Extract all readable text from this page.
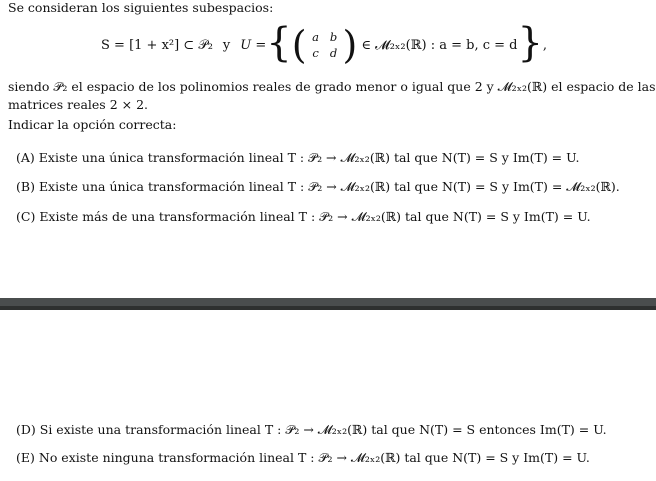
Se consideran los siguientes subespacios:
S = [1 + x²] ⊂ 𝒫₂ y U = { ( a b
c d ) ∈ 𝓜₂ₓ₂(ℝ) : a = b, c = d } ,
siendo 𝒫₂ el espacio de los polinomios reales de grado menor o igual que 2 y 𝓜₂ₓ₂(ℝ) el espacio de las
matrices reales 2 × 2.
Indicar la opción correcta:
(A) Existe una única transformación lineal T : 𝒫₂ → 𝓜₂ₓ₂(ℝ) tal que N(T) = S y Im(T) = U.
(B) Existe una única transformación lineal T : 𝒫₂ → 𝓜₂ₓ₂(ℝ) tal que N(T) = S y Im(T) = 𝓜₂ₓ₂(ℝ).
(C) Existe más de una transformación lineal T : 𝒫₂ → 𝓜₂ₓ₂(ℝ) tal que N(T) = S y Im(T) = U.
(D) Si existe una transformación lineal T : 𝒫₂ → 𝓜₂ₓ₂(ℝ) tal que N(T) = S entonces Im(T) = U.
(E) No existe ninguna transformación lineal T : 𝒫₂ → 𝓜₂ₓ₂(ℝ) tal que N(T) = S y Im(T) = U.
